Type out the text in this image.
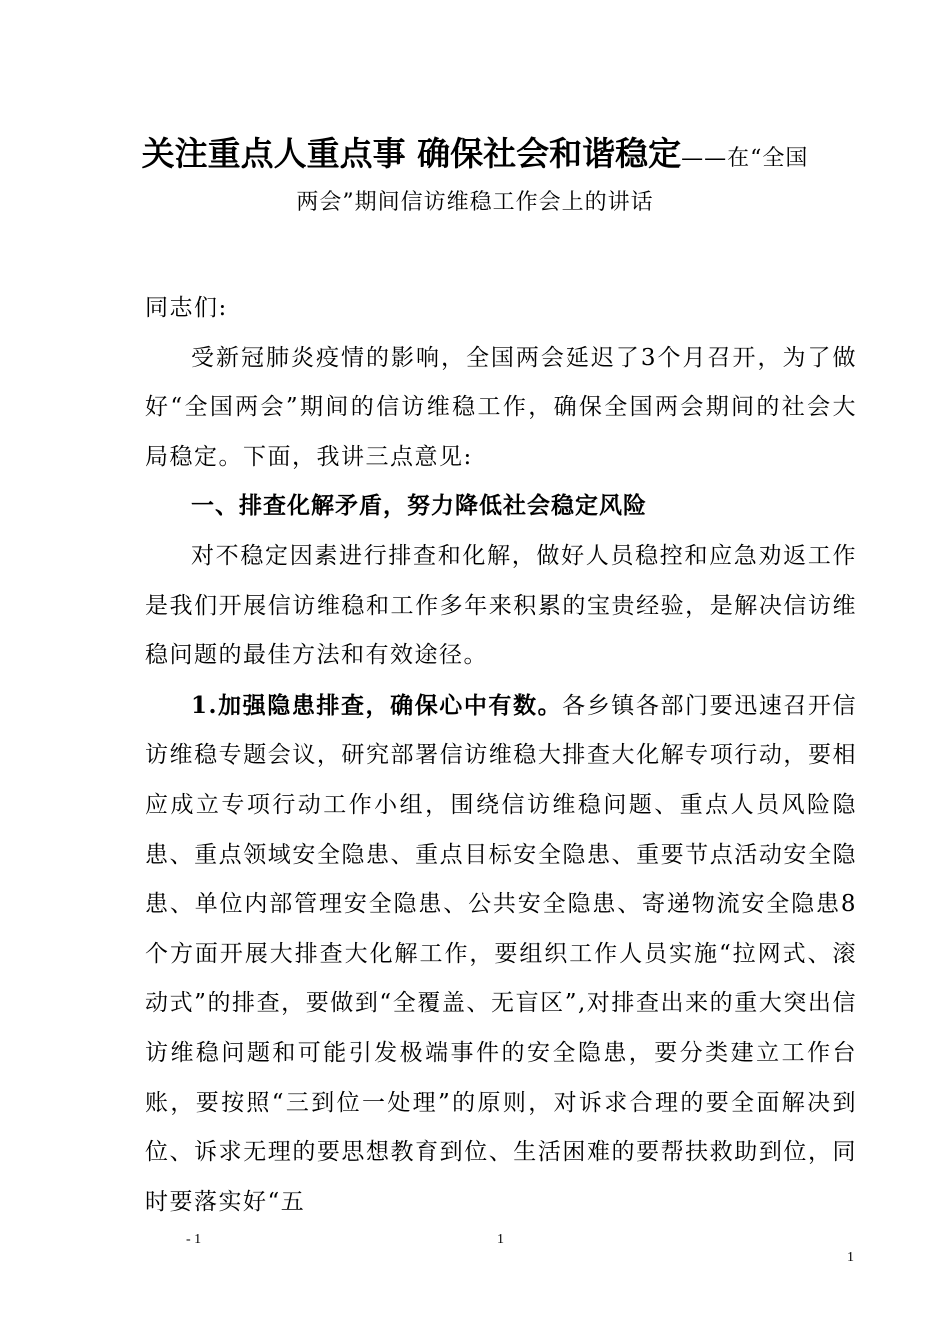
关注重点人重点事 确保社会和谐稳定——在“全国
两会”期间信访维稳工作会上的讲话

同志们:

受新冠肺炎疫情的影响，全国两会延迟了3个月召开，为了做好“全国两会”期间的信访维稳工作，确保全国两会期间的社会大局稳定。下面，我讲三点意见:

一、排查化解矛盾，努力降低社会稳定风险

对不稳定因素进行排查和化解，做好人员稳控和应急劝返工作是我们开展信访维稳和工作多年来积累的宝贵经验，是解决信访维稳问题的最佳方法和有效途径。

1.加强隐患排查，确保心中有数。各乡镇各部门要迅速召开信访维稳专题会议，研究部署信访维稳大排查大化解专项行动，要相应成立专项行动工作小组，围绕信访维稳问题、重点人员风险隐患、重点领域安全隐患、重点目标安全隐患、重要节点活动安全隐患、单位内部管理安全隐患、公共安全隐患、寄递物流安全隐患8个方面开展大排查大化解工作，要组织工作人员实施“拉网式、滚动式”的排查，要做到“全覆盖、无盲区”,对排查出来的重大突出信访维稳问题和可能引发极端事件的安全隐患，要分类建立工作台账，要按照“三到位一处理”的原则，对诉求合理的要全面解决到位、诉求无理的要思想教育到位、生活困难的要帮扶救助到位，同时要落实好“五

- 1	1
1
